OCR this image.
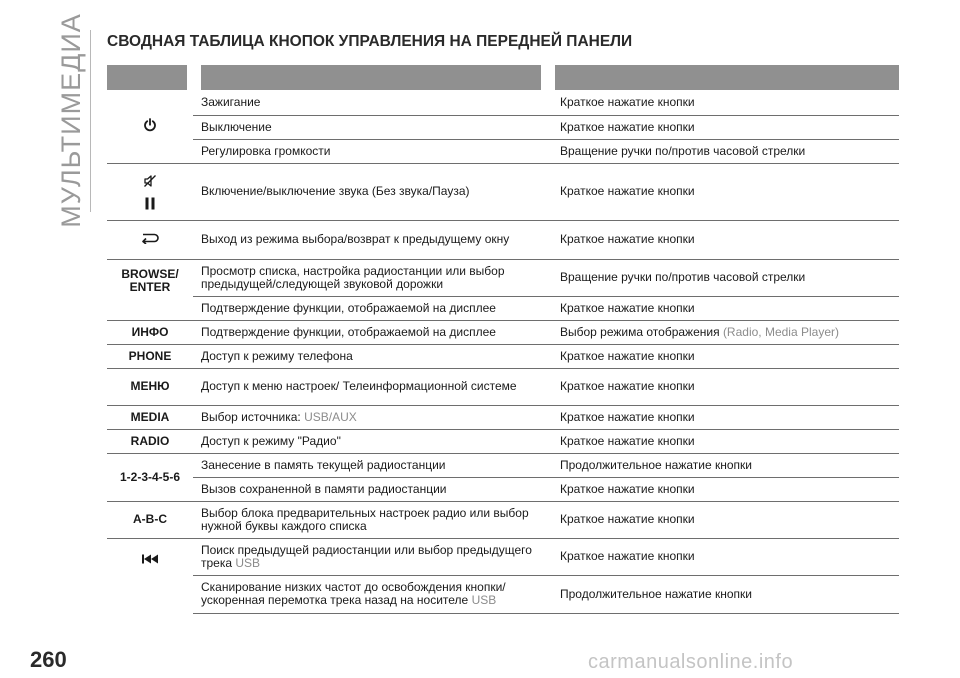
МУЛЬТИМЕДИА СВОДНАЯ ТАБЛИЦА КНОПОК УПРАВЛЕНИЯ НА ПЕРЕДНЕЙ ПАНЕЛИ
	Зажигание	Краткое нажатие кнопки
	Выключение	Краткое нажатие кнопки
	Регулировка громкости	Вращение ручки по/против часовой стрелки

	Включение/выключение звука (Без звука/Пауза)	Краткое нажатие кнопки
	Выход из режима выбора/возврат к предыдущему окну	Краткое нажатие кнопки
BROWSE/
ENTER	Просмотр списка, настройка радиостанции или выбор предыдущей/следующей звуковой дорожки	Вращение ручки по/против часовой стрелки
	Подтверждение функции, отображаемой на дисплее	Краткое нажатие кнопки
ИНФО	Подтверждение функции, отображаемой на дисплее	Выбор режима отображения (Radio, Media Player)
PHONE	Доступ к режиму телефона	Краткое нажатие кнопки
МЕНЮ	Доступ к меню настроек/ Телеинформационной системе	Краткое нажатие кнопки
MEDIA	Выбор источника: USB/AUX	Краткое нажатие кнопки
RADIO	Доступ к режиму "Радио"	Краткое нажатие кнопки
1-2-3-4-5-6	Занесение в память текущей радиостанции	Продолжительное нажатие кнопки
	Вызов сохраненной в памяти радиостанции	Краткое нажатие кнопки
A-B-C	Выбор блока предварительных настроек радио или выбор нужной буквы каждого списка	Краткое нажатие кнопки
	Поиск предыдущей радиостанции или выбор предыдущего трека USB	Краткое нажатие кнопки
	Сканирование низких частот до освобождения кнопки/ ускоренная перемотка трека назад на носителе USB	Продолжительное нажатие кнопки
260	carmanualsonline.info
